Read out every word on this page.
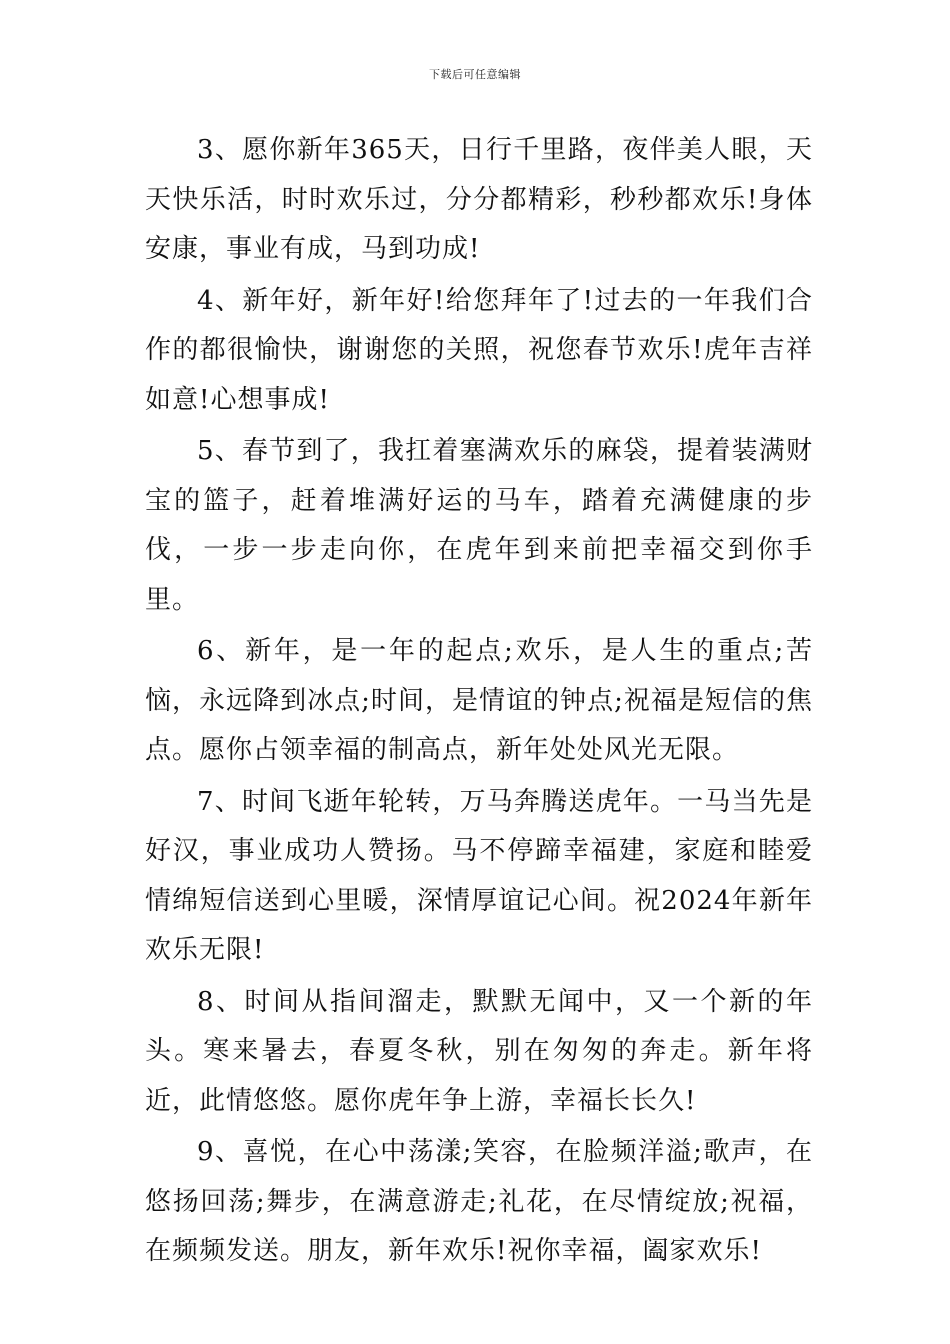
下载后可任意编辑

3、愿你新年365天，日行千里路，夜伴美人眼，天天快乐活，时时欢乐过，分分都精彩，秒秒都欢乐!身体安康，事业有成，马到功成!

4、新年好，新年好!给您拜年了!过去的一年我们合作的都很愉快，谢谢您的关照，祝您春节欢乐!虎年吉祥如意!心想事成!

5、春节到了，我扛着塞满欢乐的麻袋，提着装满财宝的篮子，赶着堆满好运的马车，踏着充满健康的步伐，一步一步走向你，在虎年到来前把幸福交到你手里。

6、新年，是一年的起点;欢乐，是人生的重点;苦恼，永远降到冰点;时间，是情谊的钟点;祝福是短信的焦点。愿你占领幸福的制高点，新年处处风光无限。

7、时间飞逝年轮转，万马奔腾送虎年。一马当先是好汉，事业成功人赞扬。马不停蹄幸福建，家庭和睦爱情绵短信送到心里暖，深情厚谊记心间。祝2024年新年欢乐无限!

8、时间从指间溜走，默默无闻中，又一个新的年头。寒来暑去，春夏冬秋，别在匆匆的奔走。新年将近，此情悠悠。愿你虎年争上游，幸福长长久!

9、喜悦，在心中荡漾;笑容，在脸频洋溢;歌声，在悠扬回荡;舞步，在满意游走;礼花，在尽情绽放;祝福，在频频发送。朋友，新年欢乐!祝你幸福，阖家欢乐!
